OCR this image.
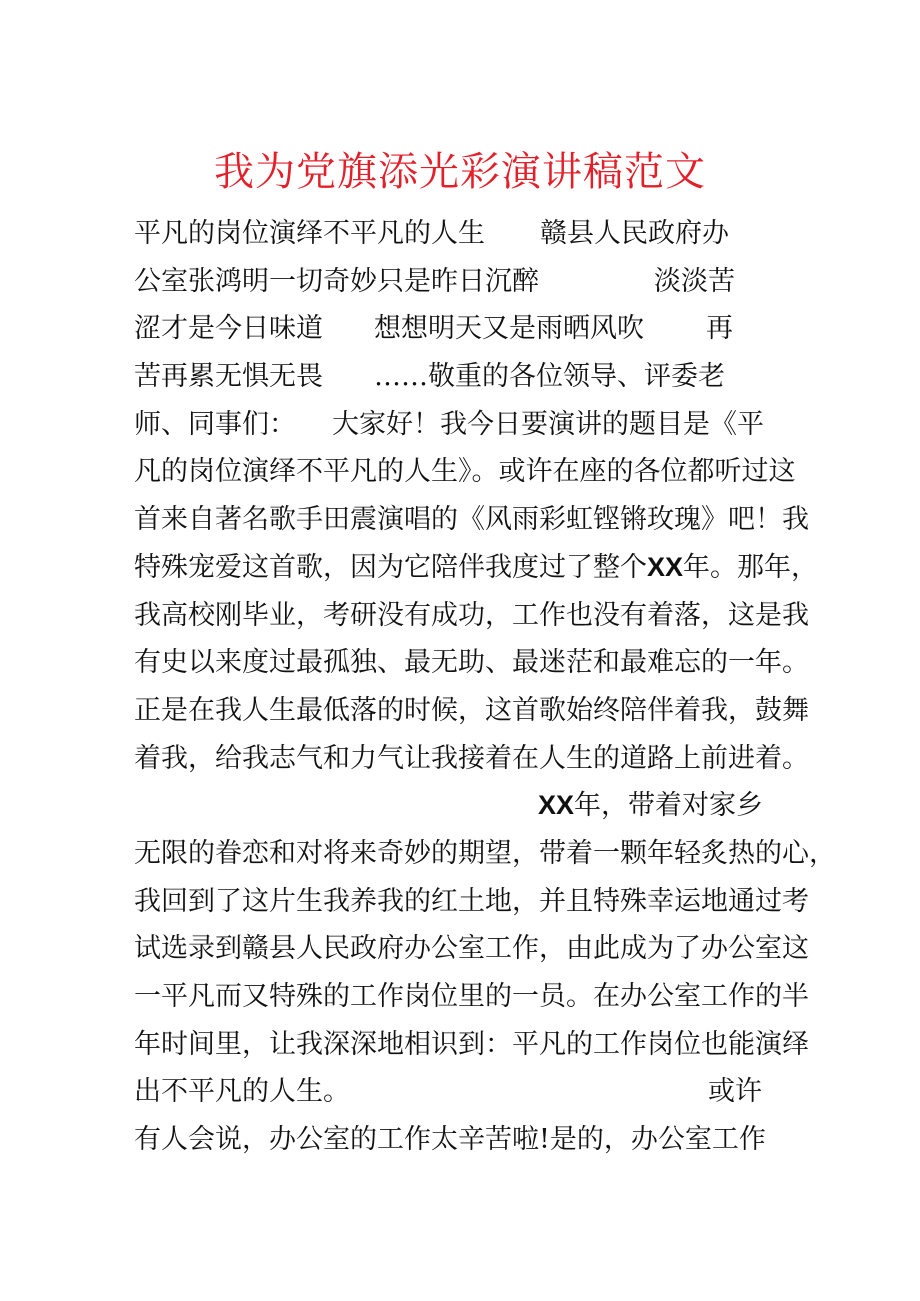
我为党旗添光彩演讲稿范文
平凡的岗位演绎不平凡的人生 赣县人民政府办
公室张鸿明一切奇妙只是昨日沉醉	淡淡苦
涩才是今日味道 想想明天又是雨晒风吹 再
苦再累无惧无畏 ……敬重的各位领导、评委老
师、同事们： 大家好！我今日要演讲的题目是《平
凡的岗位演绎不平凡的人生》。或许在座的各位都听过这
首来自著名歌手田震演唱的《风雨彩虹铿锵玫瑰》吧！我
特殊宠爱这首歌，因为它陪伴我度过了整个XX年。那年，
我高校刚毕业，考研没有成功，工作也没有着落，这是我
有史以来度过最孤独、最无助、最迷茫和最难忘的一年。
正是在我人生最低落的时候，这首歌始终陪伴着我，鼓舞
着我，给我志气和力气让我接着在人生的道路上前进着。
XX年，带着对家乡
无限的眷恋和对将来奇妙的期望，带着一颗年轻炙热的心，
我回到了这片生我养我的红土地，并且特殊幸运地通过考
试选录到赣县人民政府办公室工作，由此成为了办公室这
一平凡而又特殊的工作岗位里的一员。在办公室工作的半
年时间里，让我深深地相识到：平凡的工作岗位也能演绎
出不平凡的人生。	或许
有人会说，办公室的工作太辛苦啦!是的，办公室工作
